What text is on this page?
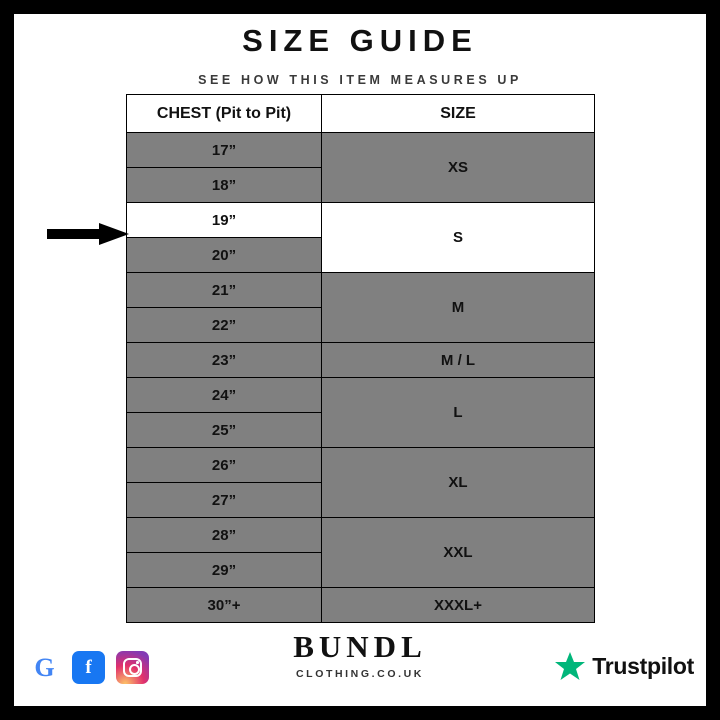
SIZE GUIDE
SEE HOW THIS ITEM MEASURES UP
CHEST (Pit to Pit)	SIZE
17”	XS
18”	
19”	S
20”	
21”	M
22”	
23”	M / L
24”	L
25”	
26”	XL
27”	
28”	XXL
29”	
30”+	XXXL+
G f
BUNDL
CLOTHING.CO.UK	Trustpilot
